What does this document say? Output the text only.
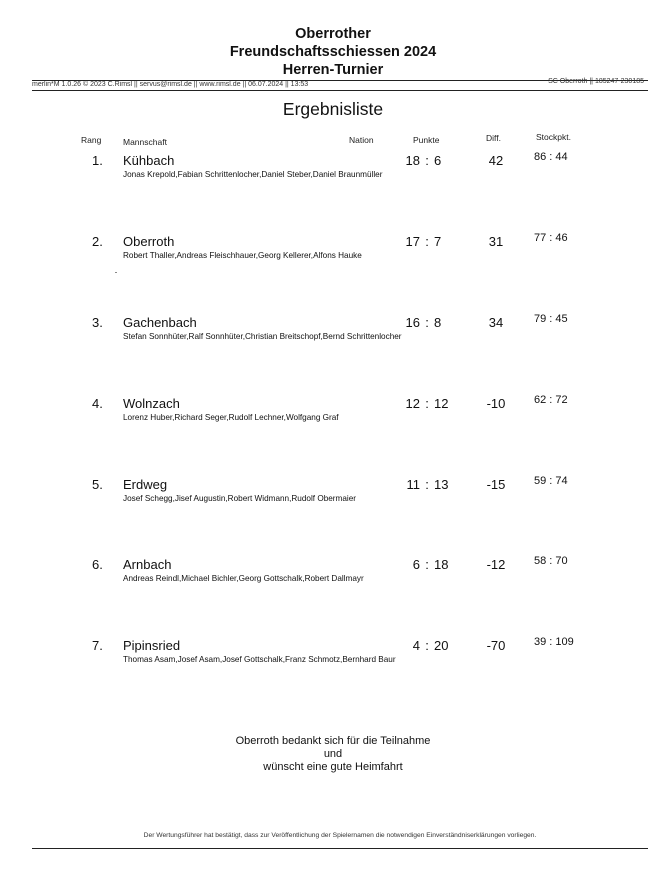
Oberrother
Freundschaftsschiessen 2024
Herren-Turnier
merlin*M 1.0.26 © 2023 C.Rimsl || servus@rimsl.de || www.rimsl.de || 06.07.2024 || 13:53	SC Oberroth || 185247-230185
Ergebnisliste
Rang	Mannschaft	Nation	Punkte	Diff.	Stockpkt.
1. Kühbach
Jonas Krepold,Fabian Schrittenlocher,Daniel Steber,Daniel Braunmüller
18 : 6	42	86 : 44
2. Oberroth
Robert Thaller,Andreas Fleischhauer,Georg Kellerer,Alfons Hauke
17 : 7	31	77 : 46
3. Gachenbach
Stefan Sonnhüter,Ralf Sonnhüter,Christian Breitschopf,Bernd Schrittenlocher
16 : 8	34	79 : 45
4. Wolnzach
Lorenz Huber,Richard Seger,Rudolf Lechner,Wolfgang Graf
12 : 12	-10	62 : 72
5. Erdweg
Josef Schegg,Jisef Augustin,Robert Widmann,Rudolf Obermaier
11 : 13	-15	59 : 74
6. Arnbach
Andreas Reindl,Michael Bichler,Georg Gottschalk,Robert Dallmayr
6 : 18	-12	58 : 70
7. Pipinsried
Thomas Asam,Josef Asam,Josef Gottschalk,Franz Schmotz,Bernhard Baur
4 : 20	-70	39 : 109
Oberroth bedankt sich für die Teilnahme
und
wünscht eine gute Heimfahrt
Der Wertungsführer hat bestätigt, dass zur Veröffentlichung der Spielernamen die notwendigen Einverständniserklärungen vorliegen.
